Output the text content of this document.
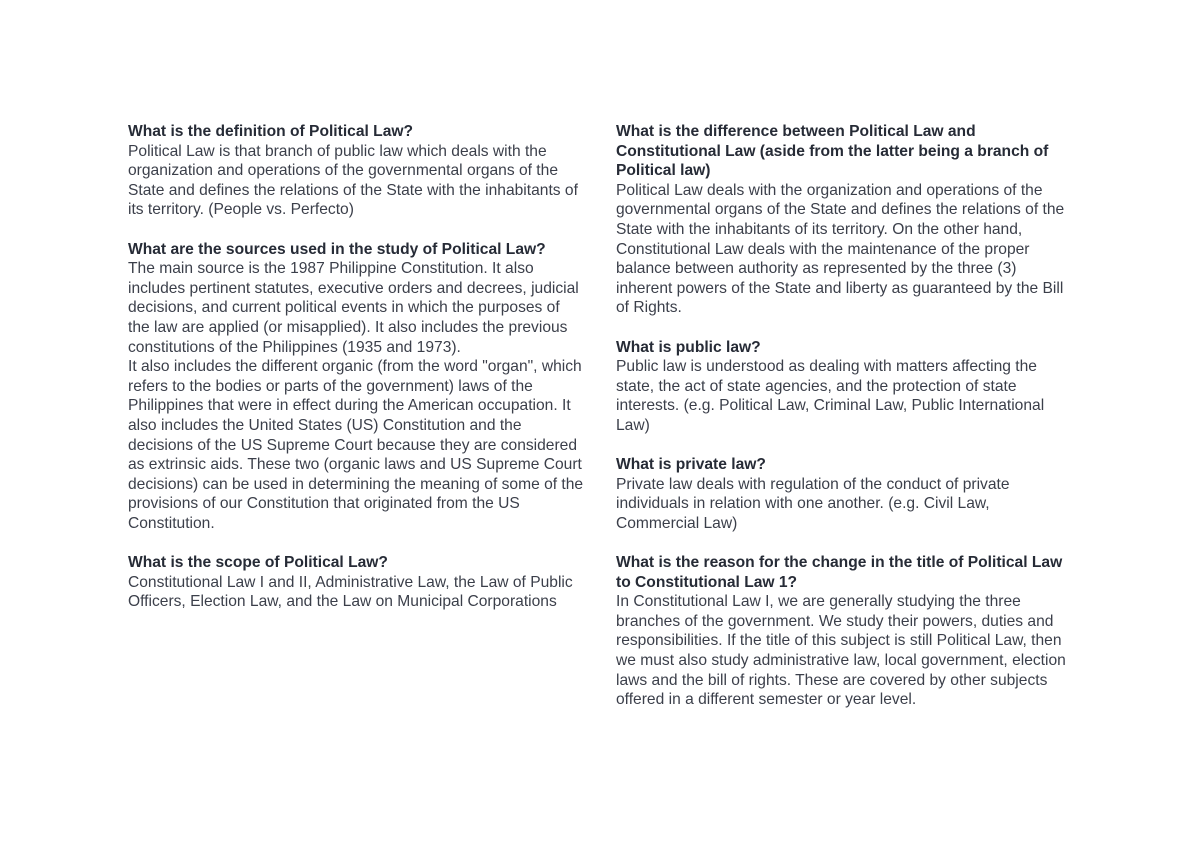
What is the definition of Political Law?

Political Law is that branch of public law which deals with the organization and operations of the governmental organs of the State and defines the relations of the State with the inhabitants of its territory. (People vs. Perfecto)

What are the sources used in the study of Political Law?

The main source is the 1987 Philippine Constitution. It also includes pertinent statutes, executive orders and decrees, judicial decisions, and current political events in which the purposes of the law are applied (or misapplied). It also includes the previous constitutions of the Philippines (1935 and 1973).

It also includes the different organic (from the word "organ", which refers to the bodies or parts of the government) laws of the Philippines that were in effect during the American occupation. It also includes the United States (US) Constitution and the decisions of the US Supreme Court because they are considered as extrinsic aids. These two (organic laws and US Supreme Court decisions) can be used in determining the meaning of some of the provisions of our Constitution that originated from the US Constitution.

What is the scope of Political Law?

Constitutional Law I and II, Administrative Law, the Law of Public Officers, Election Law, and the Law on Municipal Corporations

What is the difference between Political Law and Constitutional Law (aside from the latter being a branch of Political law)

Political Law deals with the organization and operations of the governmental organs of the State and defines the relations of the State with the inhabitants of its territory. On the other hand, Constitutional Law deals with the maintenance of the proper balance between authority as represented by the three (3) inherent powers of the State and liberty as guaranteed by the Bill of Rights.

What is public law?

Public law is understood as dealing with matters affecting the state, the act of state agencies, and the protection of state interests. (e.g. Political Law, Criminal Law, Public International Law)

What is private law?

Private law deals with regulation of the conduct of private individuals in relation with one another. (e.g. Civil Law, Commercial Law)

What is the reason for the change in the title of Political Law to Constitutional Law 1?

In Constitutional Law I, we are generally studying the three branches of the government. We study their powers, duties and responsibilities. If the title of this subject is still Political Law, then we must also study administrative law, local government, election laws and the bill of rights. These are covered by other subjects offered in a different semester or year level.
